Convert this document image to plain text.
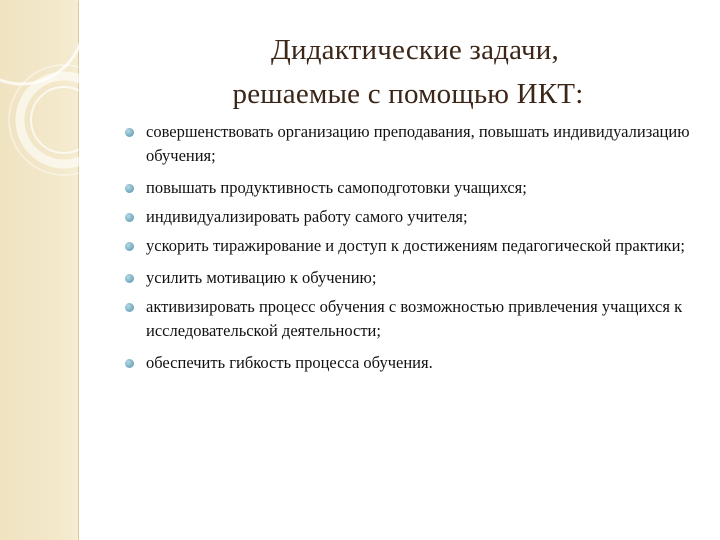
Дидактические задачи,
решаемые с помощью ИКТ:
совершенствовать организацию преподавания, повышать индивидуализацию обучения;
повышать продуктивность самоподготовки учащихся;
индивидуализировать работу самого учителя;
ускорить тиражирование и доступ к достижениям педагогической практики;
усилить мотивацию к обучению;
активизировать процесс обучения с возможностью привлечения учащихся к исследовательской деятельности;
обеспечить гибкость процесса обучения.
